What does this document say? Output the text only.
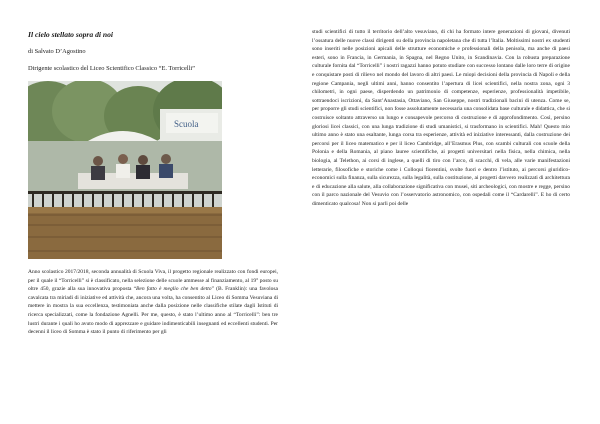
Il cielo stellato sopra di noi

di Salvato D’Agostino

Dirigente scolastico del Liceo Scientifico Classico “E. Torricelli”

Scuola

Anno scolastico 2017/2018, seconda annualità di Scuola Viva, il progetto regionale realizzato con fondi europei, per il quale il “Torricelli” si è classificato, nella selezione delle scuole ammesse al finanziamento, al 19° posto su oltre 450, grazie alla sua innovativa proposta “Ben fatto è meglio che ben detto” (B. Franklin): una favolosa cavalcata tra miriadi di iniziative ed attività che, ancora una volta, ha consentito al Liceo di Somma Vesuviana di mettere in mostra la sua eccellenza, testimoniata anche dalla posizione nelle classifiche stilate dagli Istituti di ricerca specializzati, come la fondazione Agnelli. Per me, questo, è stato l’ultimo anno al “Torricelli”: ben tre lustri durante i quali ho avuto modo di apprezzare e guidare indimenticabili insegnanti ed eccellenti studenti. Per decenni il liceo di Somma è stato il punto di riferimento per gli

studi scientifici di tutto il territorio dell’alto vesuviano, di chi ha formato intere generazioni di giovani, divenuti l’ossatura delle nuove classi dirigenti su della provincia napoletana che di tutta l’Italia. Moltissimi nostri ex studenti sono inseriti nelle posizioni apicali delle strutture economiche e professionali della penisola, ma anche di paesi esteri, sono in Francia, in Germania, in Spagna, nel Regno Unito, in Scandinavia. Con la robusta preparazione culturale fornita dal “Torricelli” i nostri ragazzi hanno potuto studiare con successo lontano dalle loro terre di origine e conquistare posti di rilievo nel mondo del lavoro di altri paesi. Le miopi decisioni della provincia di Napoli e della regione Campania, negli ultimi anni, hanno consentito l’apertura di licei scientifici, nella nostra zona, ogni 3 chilometri, in ogni paese, disperdendo un patrimonio di competenze, esperienze, professionalità impetibile, sottraendoci iscrizioni, da Sant’Anastasia, Ottaviano, San Giuseppe, nostri tradizionali bacini di utenza. Come se, per proporre gli studi scientifici, non fosse assolutamente necessaria una consolidata base culturale e didattica, che si costruisce soltanto attraverso un lungo e consapevole percorso di costruzione e di approfondimento. Così, persino gloriosi licei classici, con una lunga tradizione di studi umanistici, si trasformano in scientifici. Mah! Questo mio ultimo anno è stato una esaltante, lunga corsa tra esperienze, attività ed iniziative interessanti, dalla costruzione dei percorsi per il liceo matematico e per il liceo Cambridge, all’Erasmus Plus, con scambi culturali con scuole della Polonia e della Romania, al piano lauree scientifiche, ai progetti universitari nella fisica, nella chimica, nella biologia, al Telethon, ai corsi di inglese, a quelli di tiro con l’arco, di scacchi, di vela, alle varie manifestazioni letterarie, filosofiche e storiche come i Colloqui fiorentini, svolte fuori e dentro l’istituto, ai percorsi giuridico-economici sulla finanza, sulla sicurezza, sulla legalità, sulla costituzione, ai progetti davvero realizzati di architettura e di educazione alla salute, alla collaborazione significativa con musei, siti archeologici, con mostre e regge, persino con il parco nazionale del Vesuvio con l’osservatorio astronomico, con ospedali come il “Cardarelli”. E ho di certo dimenticato qualcosa! Non si parli poi delle
